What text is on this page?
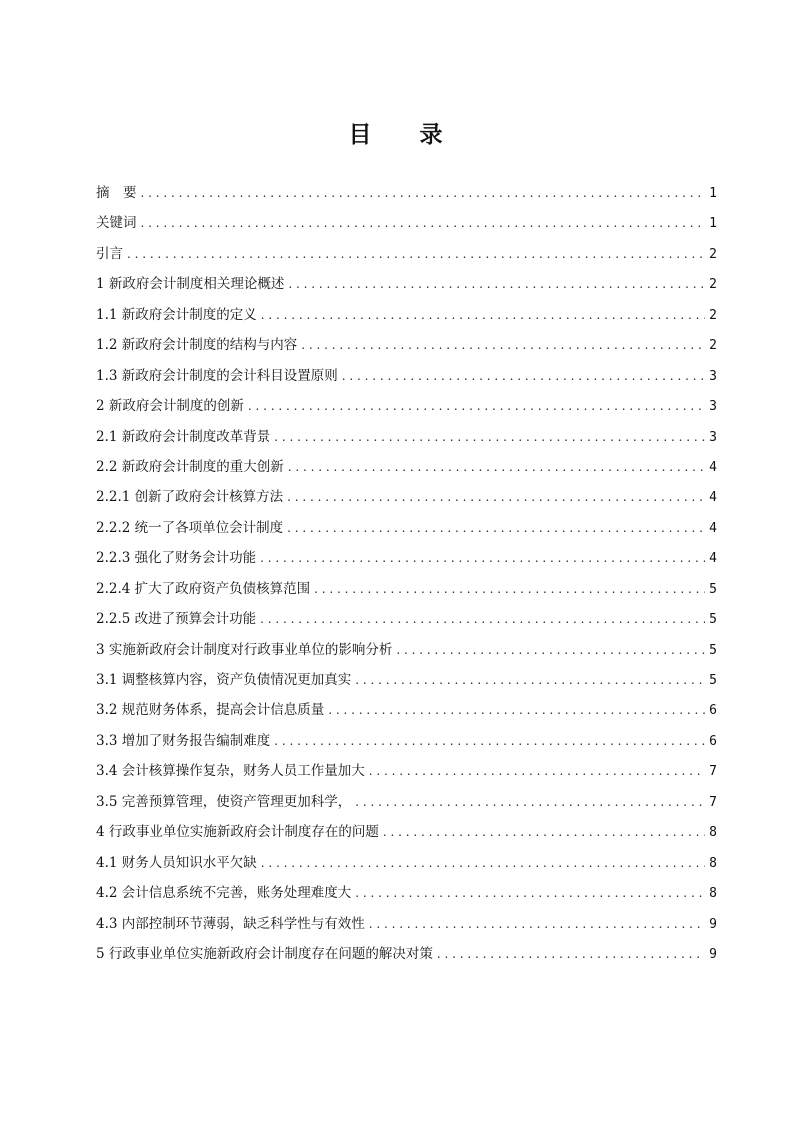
目 录
摘　要 . . .	1
关键词 . . .	1
引言 . . .	2
1 新政府会计制度相关理论概述 . . .	2
1.1 新政府会计制度的定义 . . .	2
1.2 新政府会计制度的结构与内容 . . .	2
1.3 新政府会计制度的会计科目设置原则 . . .	3
2 新政府会计制度的创新 . . .	3
2.1 新政府会计制度改革背景 . . .	3
2.2 新政府会计制度的重大创新 . . .	4
2.2.1 创新了政府会计核算方法 . . .	4
2.2.2 统一了各项单位会计制度 . . .	4
2.2.3 强化了财务会计功能 . . .	4
2.2.4 扩大了政府资产负债核算范围 . . .	5
2.2.5 改进了预算会计功能 . . .	5
3 实施新政府会计制度对行政事业单位的影响分析 . . .	5
3.1 调整核算内容，资产负债情况更加真实 . . .	5
3.2 规范财务体系，提高会计信息质量 . . .	6
3.3 增加了财务报告编制难度 . . .	6
3.4 会计核算操作复杂，财务人员工作量加大 . . .	7
3.5 完善预算管理，使资产管理更加科学， . . .	7
4 行政事业单位实施新政府会计制度存在的问题 . . .	8
4.1 财务人员知识水平欠缺 . . .	8
4.2 会计信息系统不完善，账务处理难度大 . . .	8
4.3 内部控制环节薄弱，缺乏科学性与有效性 . . .	9
5 行政事业单位实施新政府会计制度存在问题的解决对策 . . .	9
